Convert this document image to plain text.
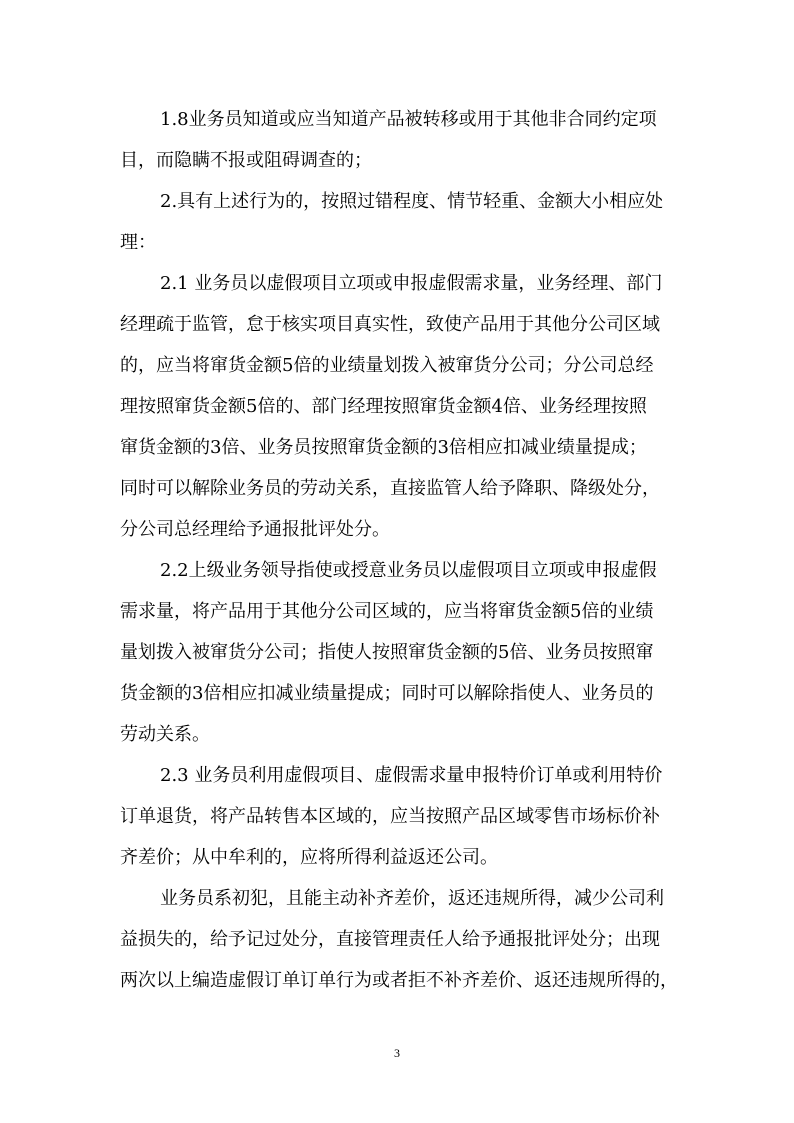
1.8业务员知道或应当知道产品被转移或用于其他非合同约定项
目，而隐瞒不报或阻碍调查的；
2.具有上述行为的，按照过错程度、情节轻重、金额大小相应处
理：
2.1 业务员以虚假项目立项或申报虚假需求量，业务经理、部门
经理疏于监管，怠于核实项目真实性，致使产品用于其他分公司区域
的，应当将窜货金额5倍的业绩量划拨入被窜货分公司；分公司总经
理按照窜货金额5倍的、部门经理按照窜货金额4倍、业务经理按照
窜货金额的3倍、业务员按照窜货金额的3倍相应扣减业绩量提成；
同时可以解除业务员的劳动关系，直接监管人给予降职、降级处分，
分公司总经理给予通报批评处分。
2.2上级业务领导指使或授意业务员以虚假项目立项或申报虚假
需求量，将产品用于其他分公司区域的，应当将窜货金额5倍的业绩
量划拨入被窜货分公司；指使人按照窜货金额的5倍、业务员按照窜
货金额的3倍相应扣减业绩量提成；同时可以解除指使人、业务员的
劳动关系。
2.3 业务员利用虚假项目、虚假需求量申报特价订单或利用特价
订单退货，将产品转售本区域的，应当按照产品区域零售市场标价补
齐差价；从中牟利的，应将所得利益返还公司。
业务员系初犯，且能主动补齐差价，返还违规所得，减少公司利
益损失的，给予记过处分，直接管理责任人给予通报批评处分；出现
两次以上编造虚假订单订单行为或者拒不补齐差价、返还违规所得的，
3
